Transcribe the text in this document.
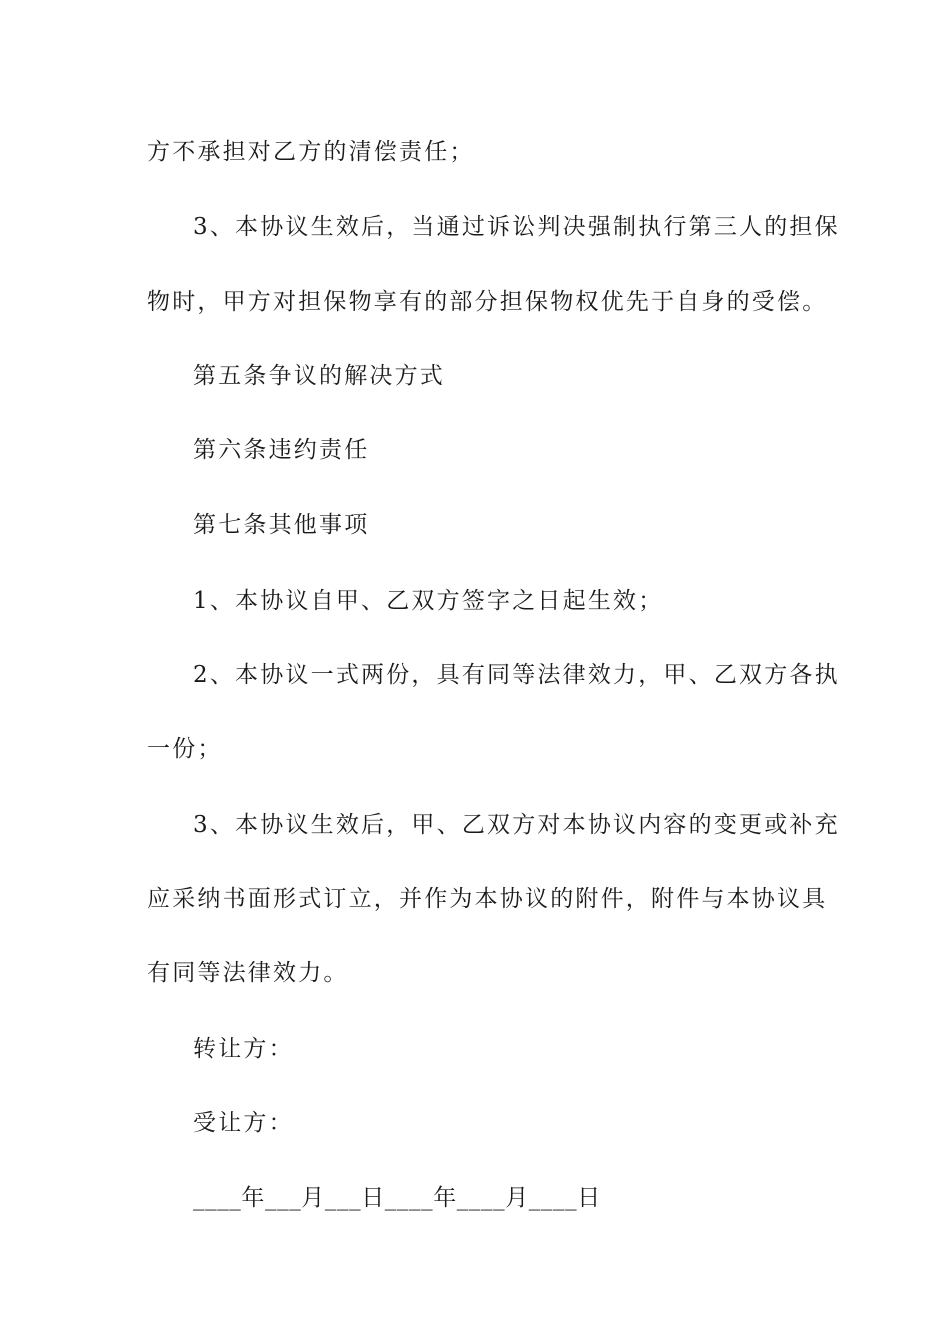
方不承担对乙方的清偿责任；
3、本协议生效后，当通过诉讼判决强制执行第三人的担保
物时，甲方对担保物享有的部分担保物权优先于自身的受偿。
第五条争议的解决方式
第六条违约责任
第七条其他事项
1、本协议自甲、乙双方签字之日起生效；
2、本协议一式两份，具有同等法律效力，甲、乙双方各执
一份；
3、本协议生效后，甲、乙双方对本协议内容的变更或补充
应采纳书面形式订立，并作为本协议的附件，附件与本协议具
有同等法律效力。
转让方：
受让方：
____年___月___日____年____月____日
